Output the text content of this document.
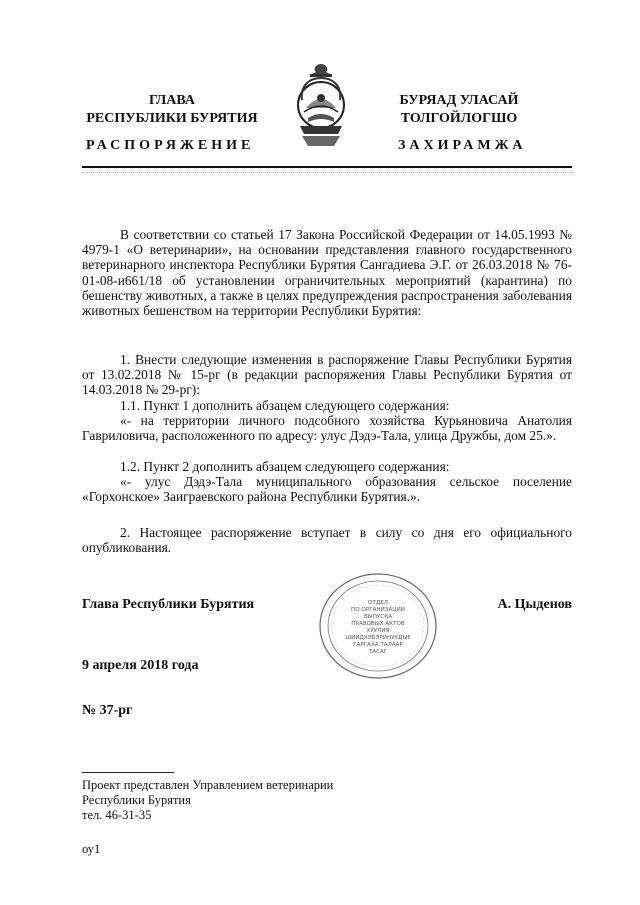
ГЛАВА
РЕСПУБЛИКИ БУРЯТИЯ
РАСПОРЯЖЕНИЕ
БУРЯАД УЛАСАЙ
ТОЛГОЙЛОГШО
ЗАХИРАМЖА
В соответствии со статьей 17 Закона Российской Федерации от 14.05.1993 № 4979-1 «О ветеринарии», на основании представления главного государственного ветеринарного инспектора Республики Бурятия Сангадиева Э.Г. от 26.03.2018 № 76-01-08-и661/18 об установлении ограничительных мероприятий (карантина) по бешенству животных, а также в целях предупреждения распространения заболевания животных бешенством на территории Республики Бурятия:
1. Внести следующие изменения в распоряжение Главы Республики Бурятия от 13.02.2018 № 15-рг (в редакции распоряжения Главы Республики Бурятия от 14.03.2018 № 29-рг):
1.1. Пункт 1 дополнить абзацем следующего содержания:
«- на территории личного подсобного хозяйства Курьяновича Анатолия Гавриловича, расположенного по адресу: улус Дэдэ-Тала, улица Дружбы, дом 25.».
1.2. Пункт 2 дополнить абзацем следующего содержания:
«- улус Дэдэ-Тала муниципального образования сельское поселение «Горхонское» Заиграевского района Республики Бурятия.».
2. Настоящее распоряжение вступает в силу со дня его официального опубликования.
Глава Республики Бурятия	А. Цыденов
9 апреля 2018 года
№ 37-рг
ОТДЕЛ
ПО ОРГАНИЗАЦИИ
ВЫПУСКА
ПРАВОВЫХ АКТОВ
ХУУЛИЯ
ШИИДХЭБЭРИНУУДЫЕ
ГАРГАХА ТАЛААР
ТАСАГ
Проект представлен Управлением ветеринарии
Республики Бурятия
тел. 46-31-35
оу1
